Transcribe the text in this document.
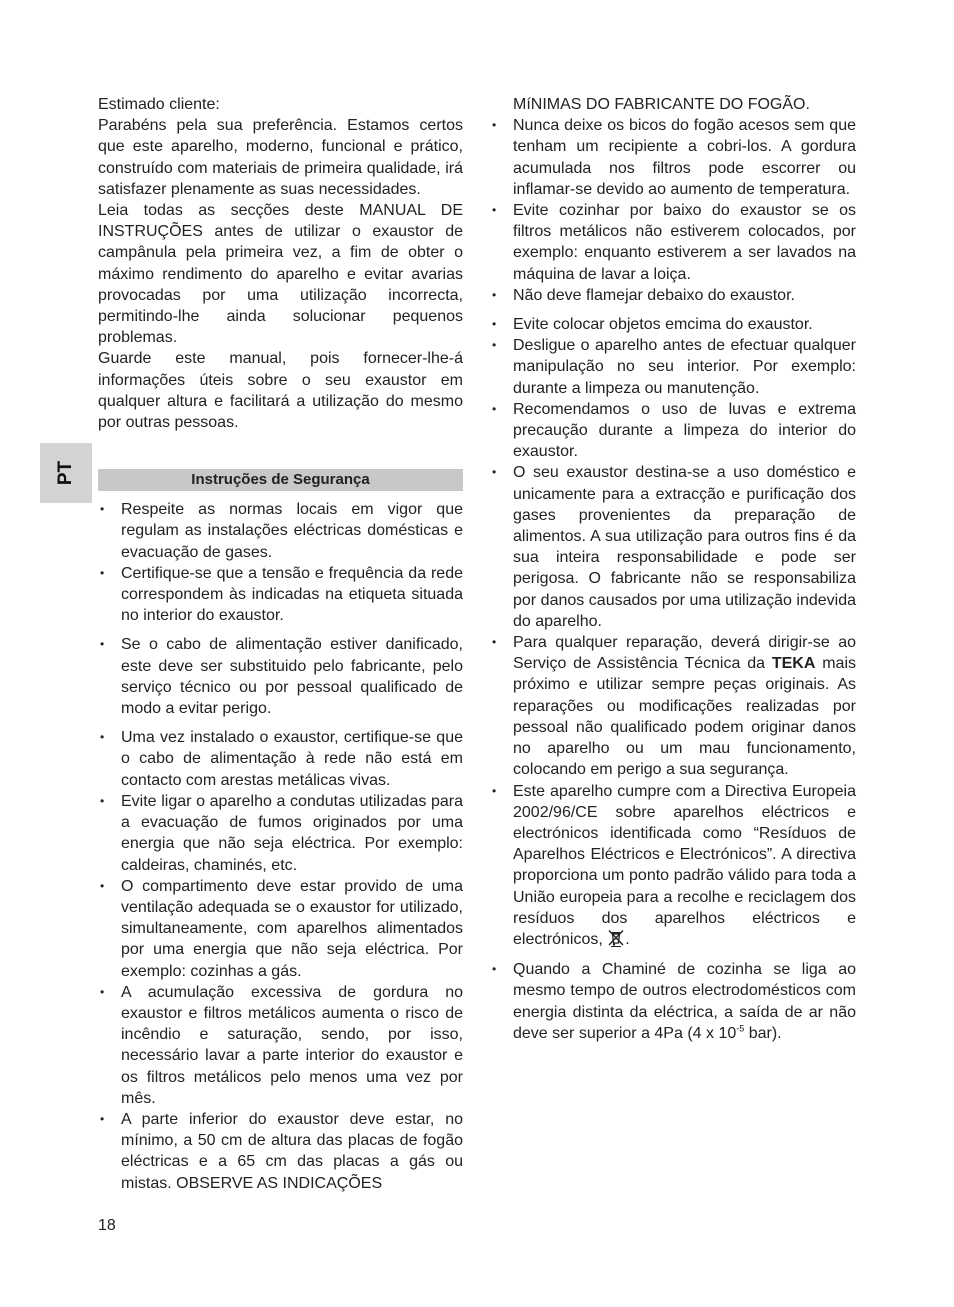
PT

Estimado cliente:

Parabéns pela sua preferência. Estamos certos que este aparelho, moderno, funcional e prático, construído com materiais de primeira qualidade, irá satisfazer plenamente as suas necessidades.

Leia todas as secções deste MANUAL DE INSTRUÇÕES antes de utilizar o exaustor de campânula pela primeira vez, a fim de obter o máximo rendimento do aparelho e evitar avarias provocadas por uma utilização incorrecta, permitindo-lhe ainda solucionar pequenos problemas.

Guarde este manual, pois fornecer-lhe-á informações úteis sobre o seu exaustor em qualquer altura e facilitará a utilização do mesmo por outras pessoas.

Instruções de Segurança
• Respeite as normas locais em vigor que regulam as instalações eléctricas domésticas e evacuação de gases.
• Certifique-se que a tensão e frequência da rede correspondem às indicadas na etiqueta situada no interior do exaustor.
• Se o cabo de alimentação estiver danificado, este deve ser substituido pelo fabricante, pelo serviço técnico ou por pessoal qualificado de modo a evitar perigo.
• Uma vez instalado o exaustor, certifique-se que o cabo de alimentação à rede não está em contacto com arestas metálicas vivas.
• Evite ligar o aparelho a condutas utilizadas para a evacuação de fumos originados por uma energia que não seja eléctrica. Por exemplo: caldeiras, chaminés, etc.
• O compartimento deve estar provido de uma ventilação adequada se o exaustor for utilizado, simultaneamente, com aparelhos alimentados por uma energia que não seja eléctrica. Por exemplo: cozinhas a gás.
• A acumulação excessiva de gordura no exaustor e filtros metálicos aumenta o risco de incêndio e saturação, sendo, por isso, necessário lavar a parte interior do exaustor e os filtros metálicos pelo menos uma vez por mês.
• A parte inferior do exaustor deve estar, no mínimo, a 50 cm de altura das placas de fogão eléctricas e a 65 cm das placas a gás ou mistas. OBSERVE AS INDICAÇÕES

MíNIMAS DO FABRICANTE DO FOGÃO.

• Nunca deixe os bicos do fogão acesos sem que tenham um recipiente a cobri-los. A gordura acumulada nos filtros pode escorrer ou inflamar-se devido ao aumento de temperatura.
• Evite cozinhar por baixo do exaustor se os filtros metálicos não estiverem colocados, por exemplo: enquanto estiverem a ser lavados na máquina de lavar a loiça.
• Não deve flamejar debaixo do exaustor.
• Evite colocar objetos emcima do exaustor.
• Desligue o aparelho antes de efectuar qualquer manipulação no seu interior. Por exemplo: durante a limpeza ou manutenção.
• Recomendamos o uso de luvas e extrema precaução durante a limpeza do interior do exaustor.
• O seu exaustor destina-se a uso doméstico e unicamente para a extracção e purificação dos gases provenientes da preparação de alimentos. A sua utilização para outros fins é da sua inteira responsabilidade e pode ser perigosa. O fabricante não se responsabiliza por danos causados por uma utilização indevida do aparelho.
• Para qualquer reparação, deverá dirigir-se ao Serviço de Assistência Técnica da TEKA mais próximo e utilizar sempre peças originais. As reparações ou modificações realizadas por pessoal não qualificado podem originar danos no aparelho ou um mau funcionamento, colocando em perigo a sua segurança.
• Este aparelho cumpre com a Directiva Europeia 2002/96/CE sobre aparelhos eléctricos e electrónicos identificada como “Resíduos de Aparelhos Eléctricos e Electrónicos”. A directiva proporciona um ponto padrão válido para toda a União europeia para a recolhe e reciclagem dos resíduos dos aparelhos eléctricos e electrónicos, .
• Quando a Chaminé de cozinha se liga ao mesmo tempo de outros electrodomésticos com energia distinta da eléctrica, a saída de ar não deve ser superior a 4Pa (4 x $10^{-5}$ bar).
18
